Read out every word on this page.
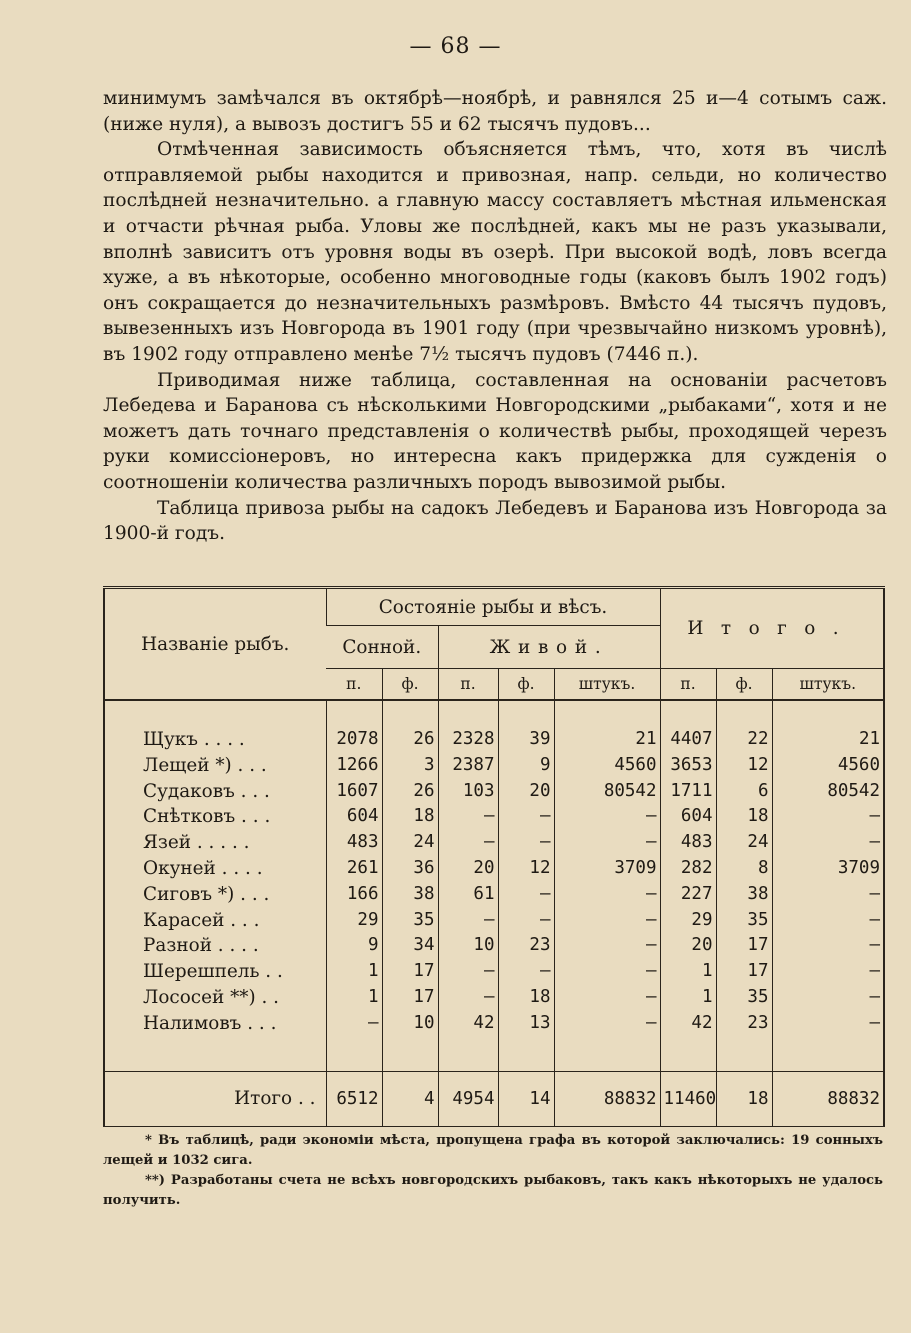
— 68 —

минимумъ замѣчался въ октябрѣ—ноябрѣ, и равнялся 25 и—4 сотымъ саж. (ниже нуля), а вывозъ достигъ 55 и 62 тысячъ пудовъ...

Отмѣченная зависимость объясняется тѣмъ, что, хотя въ числѣ отправляемой рыбы находится и привозная, напр. сельди, но количество послѣдней незначительно. а главную массу составляетъ мѣстная ильменская и отчасти рѣчная рыба. Уловы же послѣдней, какъ мы не разъ указывали, вполнѣ зависитъ отъ уровня воды въ озерѣ. При высокой водѣ, ловъ всегда хуже, а въ нѣкоторые, особенно многоводные годы (каковъ былъ 1902 годъ) онъ сокращается до незначительныхъ размѣровъ. Вмѣсто 44 тысячъ пудовъ, вывезенныхъ изъ Новгорода въ 1901 году (при чрезвычайно низкомъ уровнѣ), въ 1902 году отправлено менѣе 7½ тысячъ пудовъ (7446 п.).

Приводимая ниже таблица, составленная на основаніи расчетовъ Лебедева и Баранова съ нѣсколькими Новгородскими „рыбаками“, хотя и не можетъ дать точнаго представленія о количествѣ рыбы, проходящей черезъ руки комиссіонеровъ, но интересна какъ придержка для сужденія о соотношеніи количества различныхъ породъ вывозимой рыбы.

Таблица привоза рыбы на садокъ Лебедевъ и Баранова изъ Новгорода за 1900-й годъ.

Названіе рыбъ.	Состояніе рыбы и вѣсъ.					Итого.		
	Сонной.		Живой.					
	п.	ф.	п.	ф.	штукъ.	п.	ф.	штукъ.

Щукъ . . . .	2078	26	2328	39	21	4407	22	21
Лещей *) . . .	1266	3	2387	9	4560	3653	12	4560
Судаковъ . . .	1607	26	103	20	80542	1711	6	80542
Снѣтковъ . . .	604	18	—	—	—	604	18	—
Язей . . . . .	483	24	—	—	—	483	24	—
Окуней . . . .	261	36	20	12	3709	282	8	3709
Сиговъ *) . . .	166	38	61	—	—	227	38	—
Карасей . . .	29	35	—	—	—	29	35	—
Разной . . . .	9	34	10	23	—	20	17	—
Шерешпель . .	1	17	—	—	—	1	17	—
Лососей **) . .	1	17	—	18	—	1	35	—
Налимовъ . . .	—	10	42	13	—	42	23	—

Итого . .	6512	4	4954	14	88832	11460	18	88832

* Въ таблицѣ, ради экономіи мѣста, пропущена графа въ которой заключались: 19 сонныхъ лещей и 1032 сига.

**) Разработаны счета не всѣхъ новгородскихъ рыбаковъ, такъ какъ нѣкоторыхъ не удалось получить.
